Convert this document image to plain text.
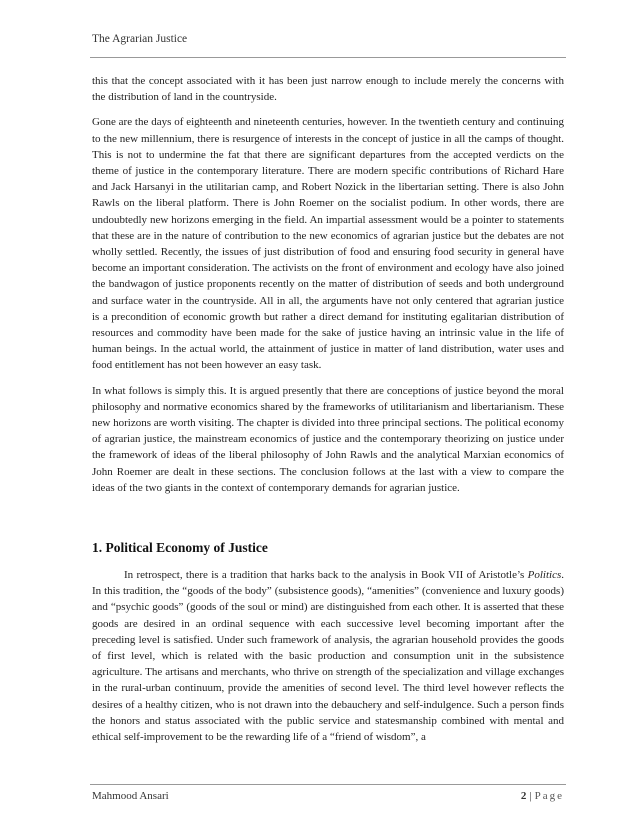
The Agrarian Justice

this that the concept associated with it has been just narrow enough to include merely the concerns with the distribution of land in the countryside.

Gone are the days of eighteenth and nineteenth centuries, however. In the twentieth century and continuing to the new millennium, there is resurgence of interests in the concept of justice in all the camps of thought. This is not to undermine the fat that there are significant departures from the accepted verdicts on the theme of justice in the contemporary literature. There are modern specific contributions of Richard Hare and Jack Harsanyi in the utilitarian camp, and Robert Nozick in the libertarian setting. There is also John Rawls on the liberal platform. There is John Roemer on the socialist podium. In other words, there are undoubtedly new horizons emerging in the field. An impartial assessment would be a pointer to statements that these are in the nature of contribution to the new economics of agrarian justice but the debates are not wholly settled. Recently, the issues of just distribution of food and ensuring food security in general have become an important consideration. The activists on the front of environment and ecology have also joined the bandwagon of justice proponents recently on the matter of distribution of seeds and both underground and surface water in the countryside. All in all, the arguments have not only centered that agrarian justice is a precondition of economic growth but rather a direct demand for instituting egalitarian distribution of resources and commodity have been made for the sake of justice having an intrinsic value in the life of human beings. In the actual world, the attainment of justice in matter of land distribution, water uses and food entitlement has not been however an easy task.

In what follows is simply this. It is argued presently that there are conceptions of justice beyond the moral philosophy and normative economics shared by the frameworks of utilitarianism and libertarianism. These new horizons are worth visiting. The chapter is divided into three principal sections. The political economy of agrarian justice, the mainstream economics of justice and the contemporary theorizing on justice under the framework of ideas of the liberal philosophy of John Rawls and the analytical Marxian economics of John Roemer are dealt in these sections. The conclusion follows at the last with a view to compare the ideas of the two giants in the context of contemporary demands for agrarian justice.

1. Political Economy of Justice

In retrospect, there is a tradition that harks back to the analysis in Book VII of Aristotle’s Politics. In this tradition, the “goods of the body” (subsistence goods), “amenities” (convenience and luxury goods) and “psychic goods” (goods of the soul or mind) are distinguished from each other. It is asserted that these goods are desired in an ordinal sequence with each successive level becoming important after the preceding level is satisfied. Under such framework of analysis, the agrarian household provides the goods of first level, which is related with the basic production and consumption unit in the subsistence agriculture. The artisans and merchants, who thrive on strength of the specialization and village exchanges in the rural-urban continuum, provide the amenities of second level. The third level however reflects the desires of a healthy citizen, who is not drawn into the debauchery and self-indulgence. Such a person finds the honors and status associated with the public service and statesmanship combined with mental and ethical self-improvement to be the rewarding life of a “friend of wisdom”, a

Mahmood Ansari	2 | Page
